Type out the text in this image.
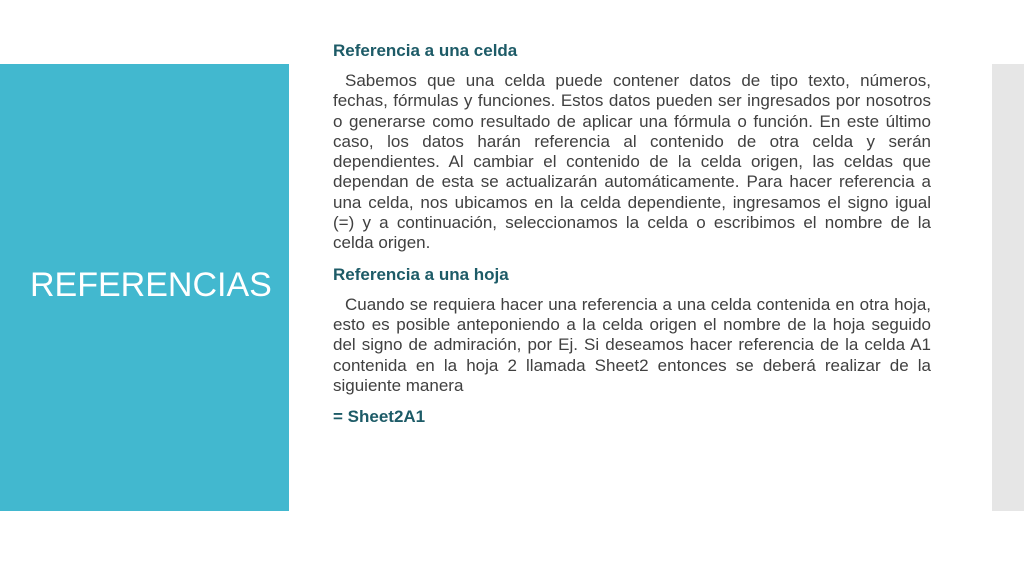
REFERENCIAS

Referencia a una celda

Sabemos que una celda puede contener datos de tipo texto, números, fechas, fórmulas y funciones. Estos datos pueden ser ingresados por nosotros o generarse como resultado de aplicar una fórmula o función. En este último caso, los datos harán referencia al contenido de otra celda y serán dependientes. Al cambiar el contenido de la celda origen, las celdas que dependan de esta se actualizarán automáticamente. Para hacer referencia a una celda, nos ubicamos en la celda dependiente, ingresamos el signo igual (=) y a continuación, seleccionamos la celda o escribimos el nombre de la celda origen.

Referencia a una hoja

Cuando se requiera hacer una referencia a una celda contenida en otra hoja, esto es posible anteponiendo a la celda origen el nombre de la hoja seguido del signo de admiración, por Ej. Si deseamos hacer referencia de la celda A1 contenida en la hoja 2 llamada Sheet2 entonces se deberá realizar de la siguiente manera

= Sheet2A1
